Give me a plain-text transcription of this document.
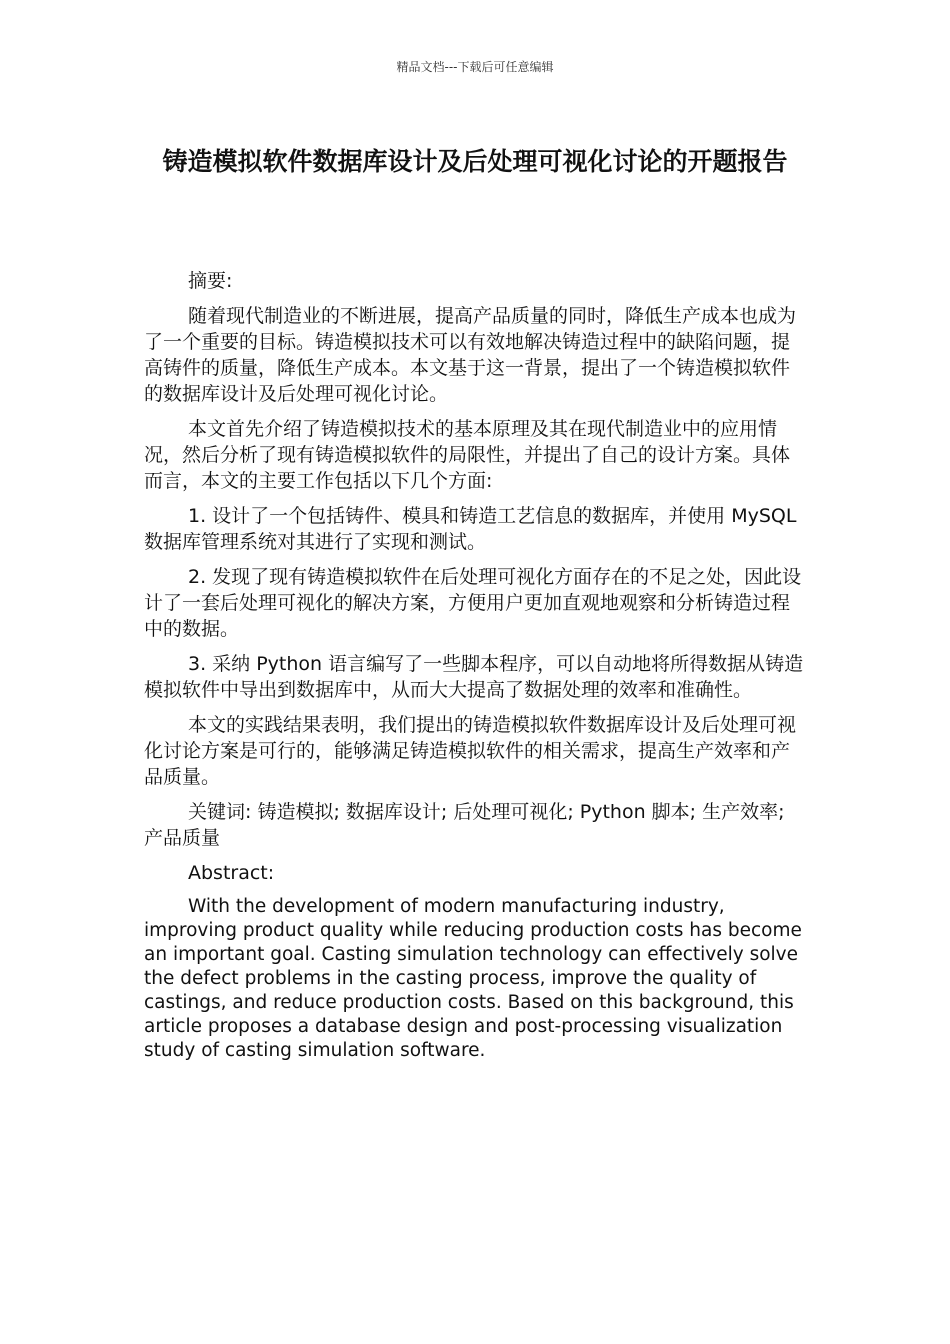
精品文档---下载后可任意编辑
铸造模拟软件数据库设计及后处理可视化讨论的开题报告

摘要:

随着现代制造业的不断进展，提高产品质量的同时，降低生产成本也成为了一个重要的目标。铸造模拟技术可以有效地解决铸造过程中的缺陷问题，提高铸件的质量，降低生产成本。本文基于这一背景，提出了一个铸造模拟软件的数据库设计及后处理可视化讨论。

本文首先介绍了铸造模拟技术的基本原理及其在现代制造业中的应用情况，然后分析了现有铸造模拟软件的局限性，并提出了自己的设计方案。具体而言，本文的主要工作包括以下几个方面:

1. 设计了一个包括铸件、模具和铸造工艺信息的数据库，并使用 MySQL 数据库管理系统对其进行了实现和测试。

2. 发现了现有铸造模拟软件在后处理可视化方面存在的不足之处，因此设计了一套后处理可视化的解决方案，方便用户更加直观地观察和分析铸造过程中的数据。

3. 采纳 Python 语言编写了一些脚本程序，可以自动地将所得数据从铸造模拟软件中导出到数据库中，从而大大提高了数据处理的效率和准确性。

本文的实践结果表明，我们提出的铸造模拟软件数据库设计及后处理可视化讨论方案是可行的，能够满足铸造模拟软件的相关需求，提高生产效率和产品质量。

关键词: 铸造模拟; 数据库设计; 后处理可视化; Python 脚本; 生产效率; 产品质量

Abstract:

With the development of modern manufacturing industry, improving product quality while reducing production costs has become an important goal. Casting simulation technology can effectively solve the defect problems in the casting process, improve the quality of castings, and reduce production costs. Based on this background, this article proposes a database design and post-processing visualization study of casting simulation software.
